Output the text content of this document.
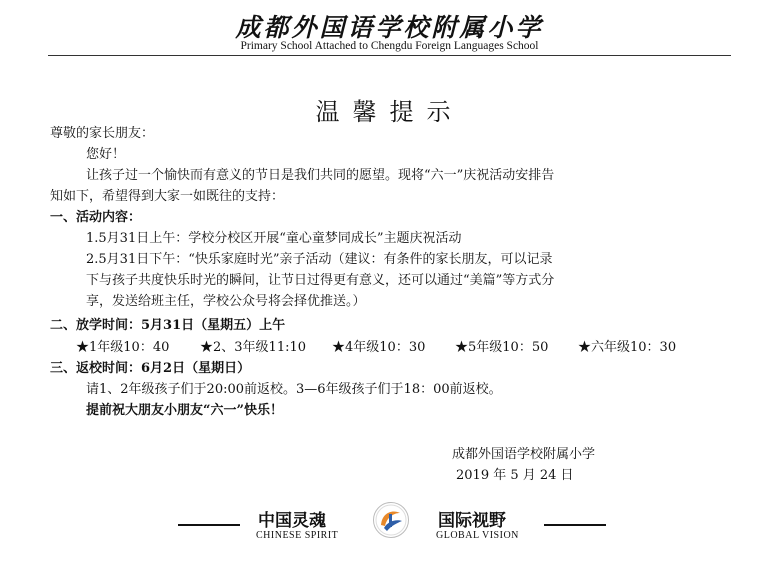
成都外国语学校附属小学
Primary School Attached to Chengdu Foreign Languages School
温馨提示
尊敬的家长朋友：
您好！
让孩子过一个愉快而有意义的节日是我们共同的愿望。现将“六一”庆祝活动安排告
知如下，希望得到大家一如既往的支持：
一、活动内容：
1.5月31日上午：学校分校区开展“童心童梦同成长”主题庆祝活动
2.5月31日下午：“快乐家庭时光”亲子活动（建议：有条件的家长朋友，可以记录
下与孩子共度快乐时光的瞬间，让节日过得更有意义，还可以通过“美篇”等方式分
享，发送给班主任，学校公众号将会择优推送。）
二、放学时间：5月31日（星期五）上午
★1年级10：40 ★2、3年级11:10 ★4年级10：30 ★5年级10：50 ★六年级10：30
三、返校时间：6月2日（星期日）
请1、2年级孩子们于20:00前返校。3—6年级孩子们于18：00前返校。
提前祝大朋友小朋友“六一”快乐！
成都外国语学校附属小学
2019 年 5 月 24 日
中国灵魂
CHINESE SPIRIT
国际视野
GLOBAL VISION
